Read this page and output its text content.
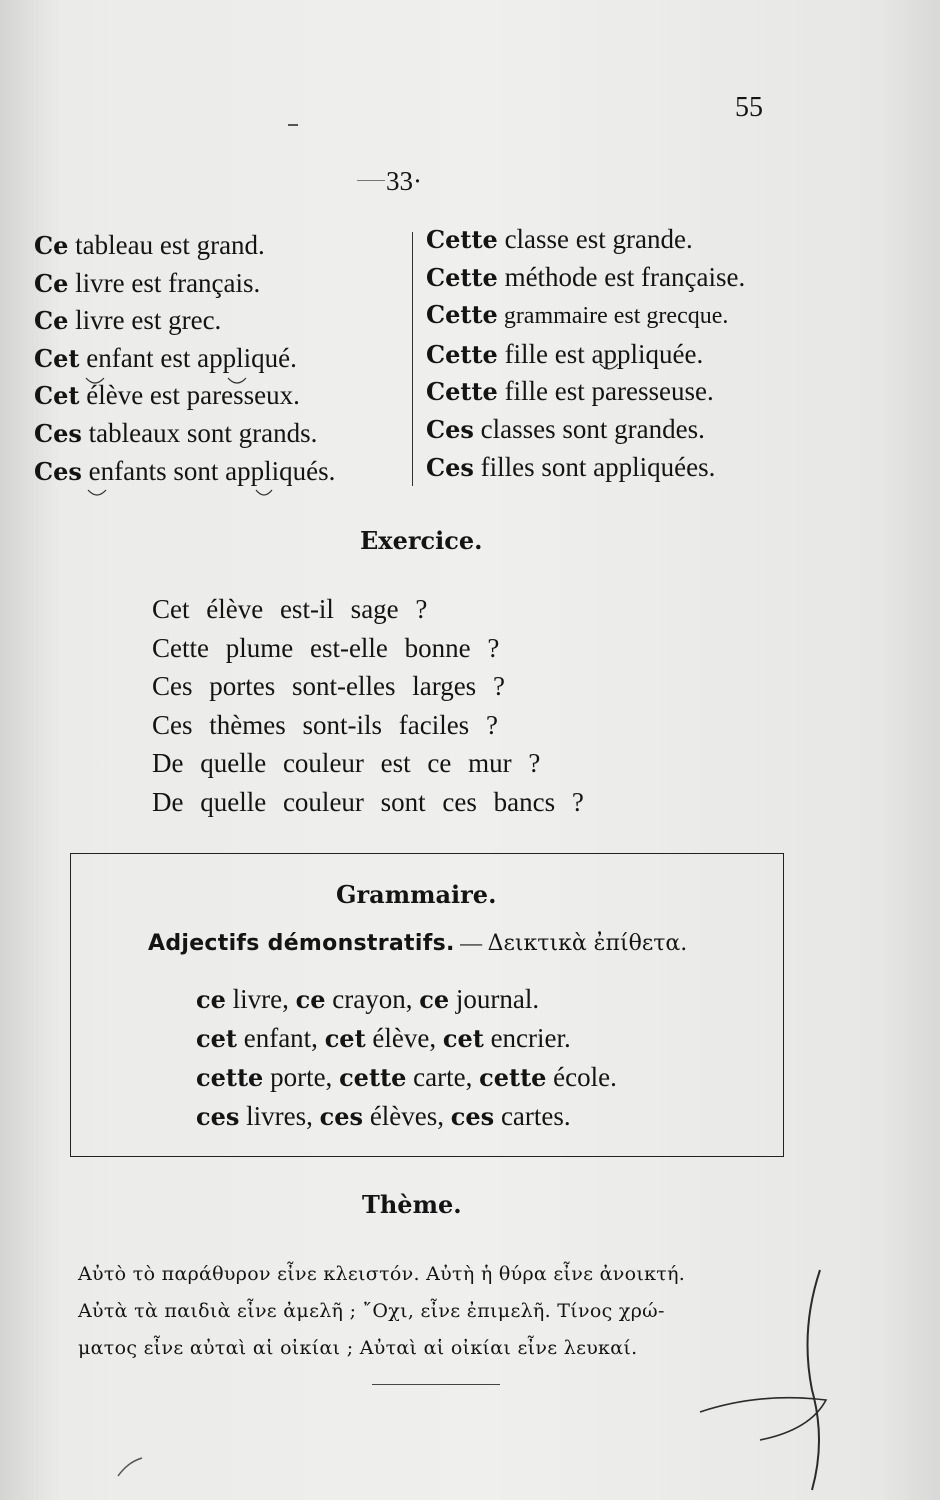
55
33·
Ce tableau est grand.
Ce livre est français.
Ce livre est grec.
Cet enfant est appliqué.
Cet élève est paresseux.
Ces tableaux sont grands.
Ces enfants sont appliqués.
Cette classe est grande.
Cette méthode est française.
Cette grammaire est grecque.
Cette fille est appliquée.
Cette fille est paresseuse.
Ces classes sont grandes.
Ces filles sont appliquées.
Exercice.
Cet élève est-il sage ?
Cette plume est-elle bonne ?
Ces portes sont-elles larges ?
Ces thèmes sont-ils faciles ?
De quelle couleur est ce mur ?
De quelle couleur sont ces bancs ?
Grammaire.
Adjectifs démonstratifs. — Δεικτικὰ ἐπίθετα.
ce livre, ce crayon, ce journal.
cet enfant, cet élève, cet encrier.
cette porte, cette carte, cette école.
ces livres, ces élèves, ces cartes.
Thème.
Αὐτὸ τὸ παράθυρον εἶνε κλειστόν. Αὐτὴ ἡ θύρα εἶνε ἀνοικτή.
Αὐτὰ τὰ παιδιὰ εἶνε ἀμελῆ ; ῎Οχι, εἶνε ἐπιμελῆ. Τίνος χρώ-
ματος εἶνε αὐταὶ αἱ οἰκίαι ; Αὐταὶ αἱ οἰκίαι εἶνε λευκαί.
